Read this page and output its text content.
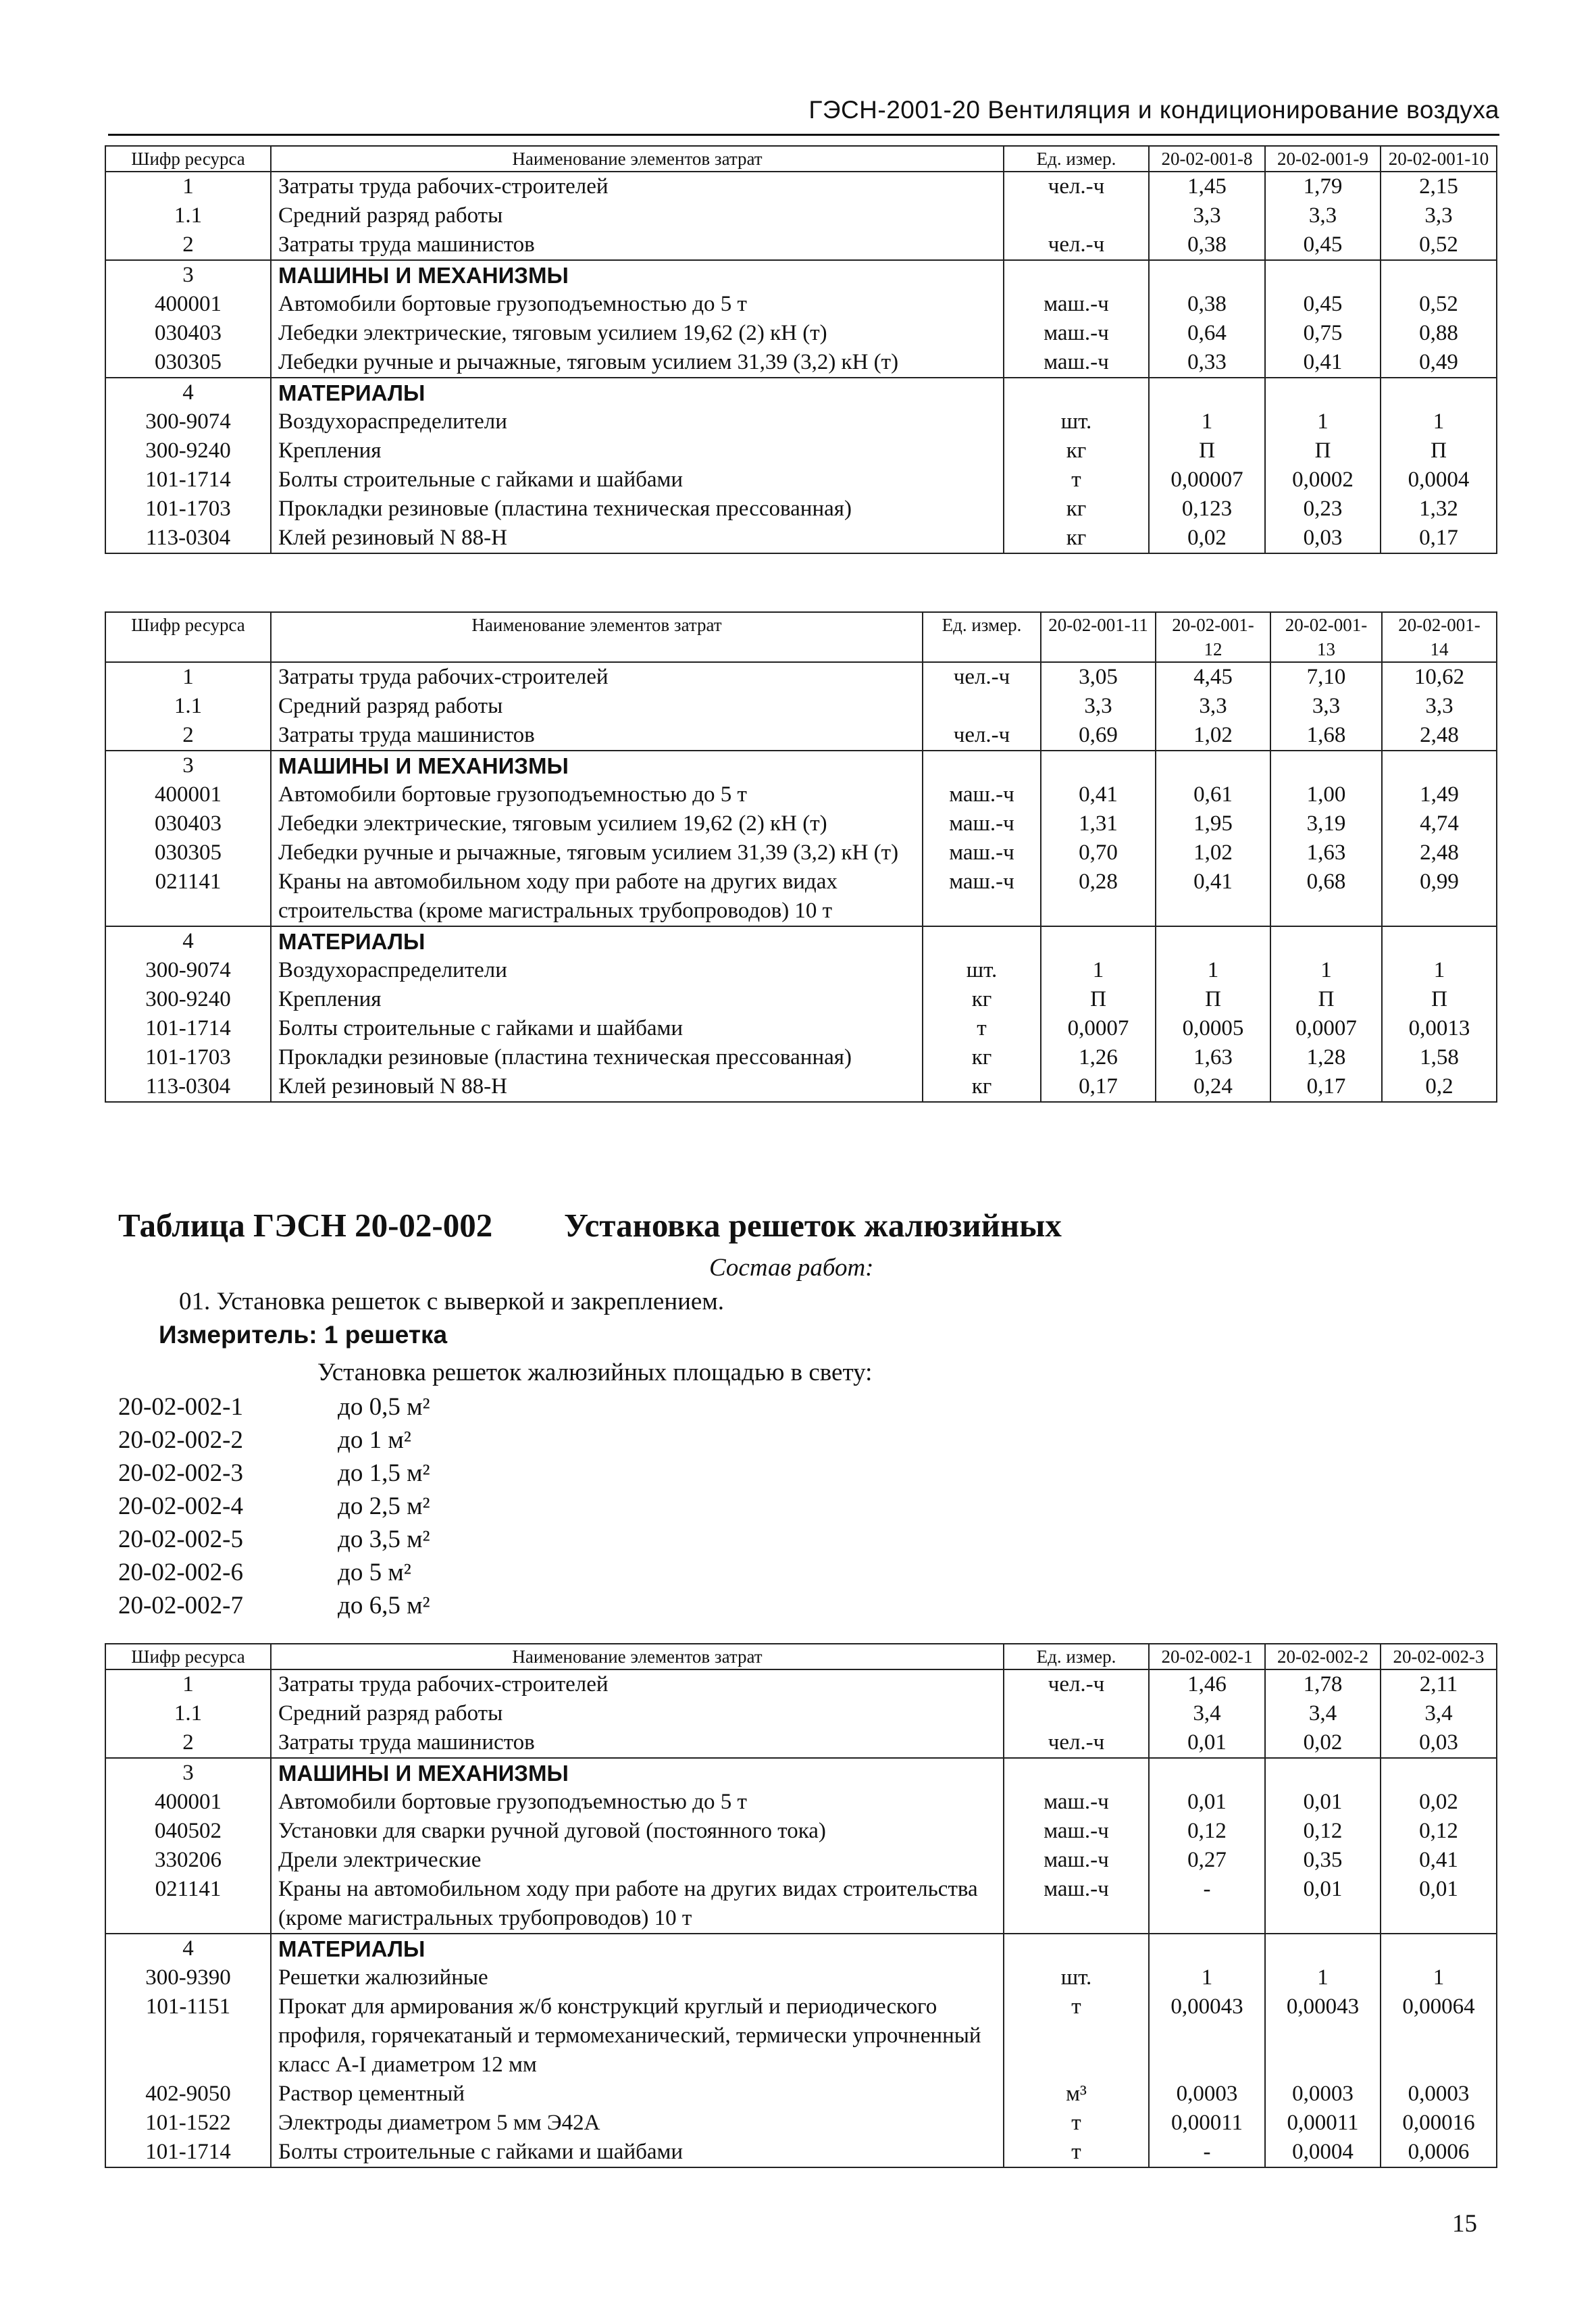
ГЭСН-2001-20 Вентиляция и кондиционирование воздуха
Шифр ресурса	Наименование элементов затрат	Ед. измер.	20-02-001-8	20-02-001-9	20-02-001-10
1	Затраты труда рабочих-строителей	чел.-ч	1,45	1,79	2,15
1.1	Средний разряд работы		3,3	3,3	3,3
2	Затраты труда машинистов	чел.-ч	0,38	0,45	0,52
3	МАШИНЫ И МЕХАНИЗМЫ				
400001	Автомобили бортовые грузоподъемностью до 5 т	маш.-ч	0,38	0,45	0,52
030403	Лебедки электрические, тяговым усилием 19,62 (2) кН (т)	маш.-ч	0,64	0,75	0,88
030305	Лебедки ручные и рычажные, тяговым усилием 31,39 (3,2) кН (т)	маш.-ч	0,33	0,41	0,49
4	МАТЕРИАЛЫ				
300-9074	Воздухораспределители	шт.	1	1	1
300-9240	Крепления	кг	П	П	П
101-1714	Болты строительные с гайками и шайбами	т	0,00007	0,0002	0,0004
101-1703	Прокладки резиновые (пластина техническая прессованная)	кг	0,123	0,23	1,32
113-0304	Клей резиновый N 88-Н	кг	0,02	0,03	0,17
Шифр ресурса	Наименование элементов затрат	Ед. измер.	20-02-001-11	20-02-001-12	20-02-001-13	20-02-001-14
1	Затраты труда рабочих-строителей	чел.-ч	3,05	4,45	7,10	10,62
1.1	Средний разряд работы		3,3	3,3	3,3	3,3
2	Затраты труда машинистов	чел.-ч	0,69	1,02	1,68	2,48
3	МАШИНЫ И МЕХАНИЗМЫ					
400001	Автомобили бортовые грузоподъемностью до 5 т	маш.-ч	0,41	0,61	1,00	1,49
030403	Лебедки электрические, тяговым усилием 19,62 (2) кН (т)	маш.-ч	1,31	1,95	3,19	4,74
030305	Лебедки ручные и рычажные, тяговым усилием 31,39 (3,2) кН (т)	маш.-ч	0,70	1,02	1,63	2,48
021141	Краны на автомобильном ходу при работе на других видах строительства (кроме магистральных трубопроводов) 10 т	маш.-ч	0,28	0,41	0,68	0,99
4	МАТЕРИАЛЫ					
300-9074	Воздухораспределители	шт.	1	1	1	1
300-9240	Крепления	кг	П	П	П	П
101-1714	Болты строительные с гайками и шайбами	т	0,0007	0,0005	0,0007	0,0013
101-1703	Прокладки резиновые (пластина техническая прессованная)	кг	1,26	1,63	1,28	1,58
113-0304	Клей резиновый N 88-Н	кг	0,17	0,24	0,17	0,2
Таблица ГЭСН 20-02-002 Установка решеток жалюзийных
Состав работ:
01. Установка решеток с выверкой и закреплением.
Измеритель: 1 решетка
Установка решеток жалюзийных площадью в свету:
20-02-002-1	до 0,5 м²
20-02-002-2	до 1 м²
20-02-002-3	до 1,5 м²
20-02-002-4	до 2,5 м²
20-02-002-5	до 3,5 м²
20-02-002-6	до 5 м²
20-02-002-7	до 6,5 м²
Шифр ресурса	Наименование элементов затрат	Ед. измер.	20-02-002-1	20-02-002-2	20-02-002-3
1	Затраты труда рабочих-строителей	чел.-ч	1,46	1,78	2,11
1.1	Средний разряд работы		3,4	3,4	3,4
2	Затраты труда машинистов	чел.-ч	0,01	0,02	0,03
3	МАШИНЫ И МЕХАНИЗМЫ				
400001	Автомобили бортовые грузоподъемностью до 5 т	маш.-ч	0,01	0,01	0,02
040502	Установки для сварки ручной дуговой (постоянного тока)	маш.-ч	0,12	0,12	0,12
330206	Дрели электрические	маш.-ч	0,27	0,35	0,41
021141	Краны на автомобильном ходу при работе на других видах строительства (кроме магистральных трубопроводов) 10 т	маш.-ч	-	0,01	0,01
4	МАТЕРИАЛЫ				
300-9390	Решетки жалюзийные	шт.	1	1	1
101-1151	Прокат для армирования ж/б конструкций круглый и периодического профиля, горячекатаный и термомеханический, термически упрочненный класс А-I диаметром 12 мм	т	0,00043	0,00043	0,00064
402-9050	Раствор цементный	м³	0,0003	0,0003	0,0003
101-1522	Электроды диаметром 5 мм Э42А	т	0,00011	0,00011	0,00016
101-1714	Болты строительные с гайками и шайбами	т	-	0,0004	0,0006
15
